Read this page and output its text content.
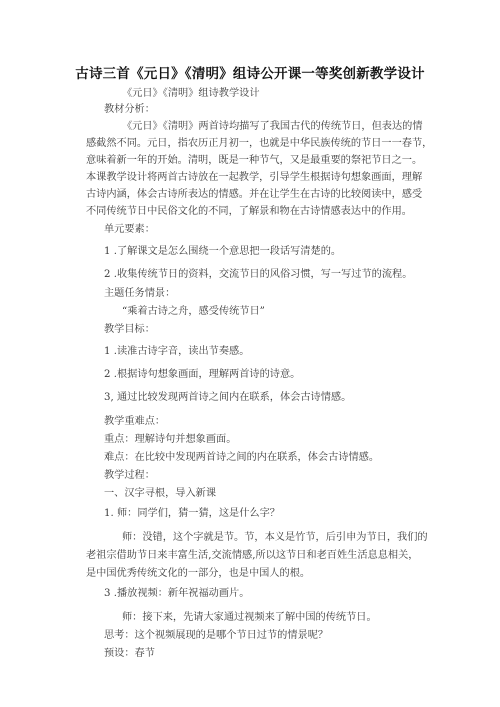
古诗三首《元日》《清明》组诗公开课一等奖创新教学设计
《元日》《清明》组诗教学设计
教材分析：
《元日》《清明》两首诗均描写了我国古代的传统节日，但表达的情
感截然不同。元日，指农历正月初一，也就是中华民族传统的节日一一春节，
意味着新一年的开始。清明，既是一种节气，又是最重要的祭祀节日之一。
本课教学设计将两首古诗放在一起教学，引导学生根据诗句想象画面，理解
古诗内涵，体会古诗所表达的情感。并在让学生在古诗的比较阅读中，感受
不同传统节日中民俗文化的不同，了解景和物在古诗情感表达中的作用。
单元要素：
1 .了解课文是怎么围绕一个意思把一段话写清楚的。
2 .收集传统节日的资料，交流节日的风俗习惯，写一写过节的流程。
主题任务情景：
“乘着古诗之舟，感受传统节日”
教学目标：
1 .读准古诗字音，读出节奏感。
2 .根据诗句想象画面，理解两首诗的诗意。
3, 通过比较发现两首诗之间内在联系，体会古诗情感。
教学重难点：
重点：理解诗句并想象画面。
难点：在比较中发现两首诗之间的内在联系，体会古诗情感。
教学过程：
一、汉字寻根，导入新课
1. 师：同学们，猜一猜，这是什么字？
师：没错，这个字就是节。节，本义是竹节，后引申为节日，我们的
老祖宗借助节日来丰富生活,交流情感,所以这节日和老百姓生活息息相关，
是中国优秀传统文化的一部分，也是中国人的根。
3 .播放视频：新年祝福动画片。
师：接下来，先请大家通过视频来了解中国的传统节日。
思考：这个视频展现的是哪个节日过节的情景呢？
预设：春节
